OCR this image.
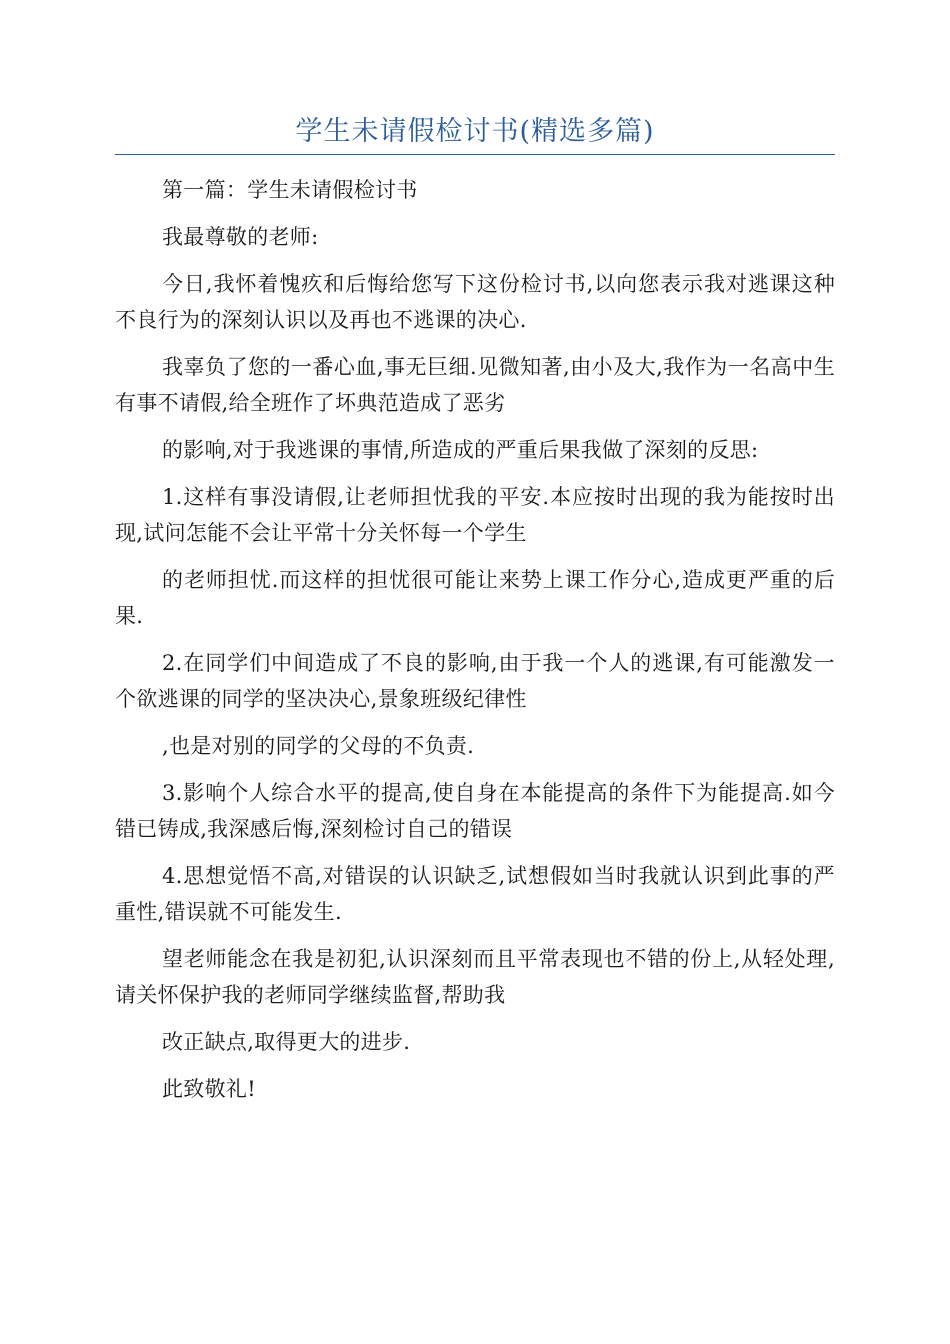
学生未请假检讨书(精选多篇)

第一篇：学生未请假检讨书

我最尊敬的老师:

今日,我怀着愧疚和后悔给您写下这份检讨书,以向您表示我对逃课这种不良行为的深刻认识以及再也不逃课的决心.

我辜负了您的一番心血,事无巨细.见微知著,由小及大,我作为一名高中生有事不请假,给全班作了坏典范造成了恶劣

的影响,对于我逃课的事情,所造成的严重后果我做了深刻的反思:

1.这样有事没请假,让老师担忧我的平安.本应按时出现的我为能按时出现,试问怎能不会让平常十分关怀每一个学生

的老师担忧.而这样的担忧很可能让来势上课工作分心,造成更严重的后果.

2.在同学们中间造成了不良的影响,由于我一个人的逃课,有可能激发一个欲逃课的同学的坚决决心,景象班级纪律性

,也是对别的同学的父母的不负责.

3.影响个人综合水平的提高,使自身在本能提高的条件下为能提高.如今错已铸成,我深感后悔,深刻检讨自己的错误

4.思想觉悟不高,对错误的认识缺乏,试想假如当时我就认识到此事的严重性,错误就不可能发生.

望老师能念在我是初犯,认识深刻而且平常表现也不错的份上,从轻处理,请关怀保护我的老师同学继续监督,帮助我

改正缺点,取得更大的进步.

此致敬礼!
